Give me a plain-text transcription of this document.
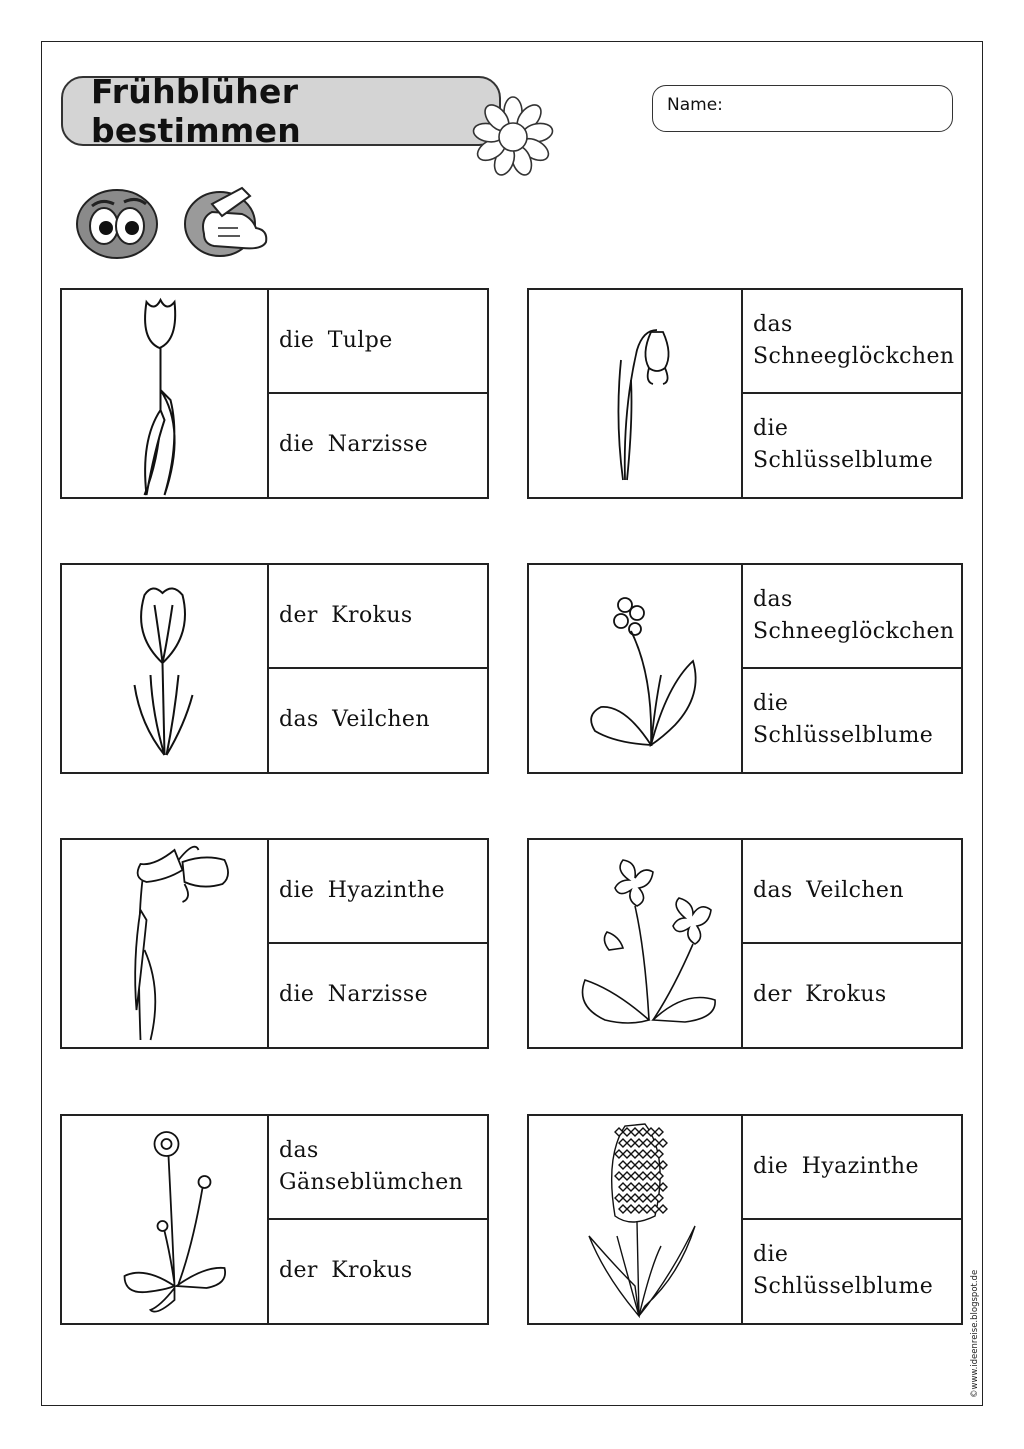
Frühblüher bestimmen
Name:
die Tulpe
die Narzisse
das Schneeglöckchen
die Schlüsselblume
der Krokus
das Veilchen
das Schneeglöckchen
die Schlüsselblume
die Hyazinthe
die Narzisse
das Veilchen
der Krokus
das Gänseblümchen
der Krokus
die Hyazinthe
die Schlüsselblume	©www.ideenreise.blogspot.de
